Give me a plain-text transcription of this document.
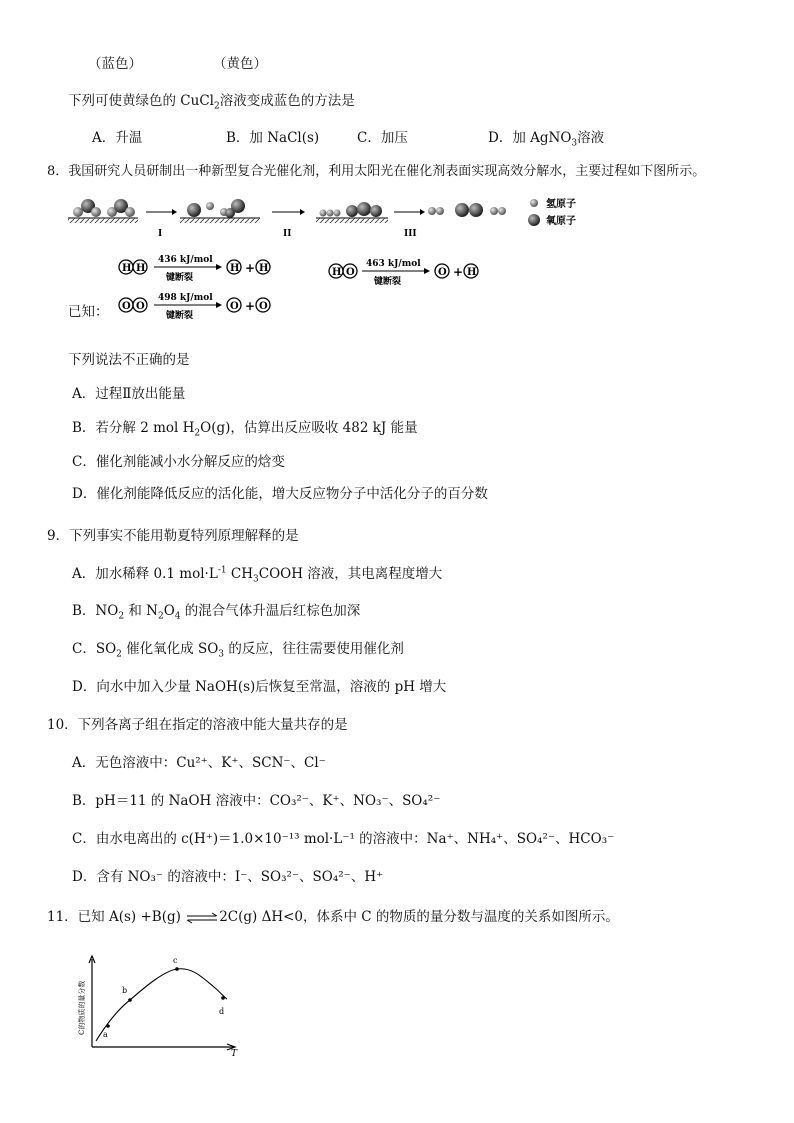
（蓝色）	（黄色）
下列可使黄绿色的 CuCl$_2$溶液变成蓝色的方法是
A．升温	B．加 NaCl(s)	C．加压	D．加 AgNO$_3$溶液
8．我国研究人员研制出一种新型复合光催化剂，利用太阳光在催化剂表面实现高效分解水，主要过程如下图所示。
氢原子
氧原子
I	II	III
H H
436 kJ/mol
键断裂
H + H	H O
463 kJ/mol
键断裂
O + H
O O
498 kJ/mol
键断裂
O + O
已知：
下列说法不正确的是
A．过程Ⅱ放出能量
B．若分解 2 mol $H_2O(g)$，估算出反应吸收 482 kJ 能量
C．催化剂能减小水分解反应的焓变
D．催化剂能降低反应的活化能，增大反应物分子中活化分子的百分数
9．下列事实不能用勒夏特列原理解释的是
A．加水稀释 0.1 $mol\cdot L^{-1}$ $CH_3COOH$ 溶液，其电离程度增大
B．$NO_2$ 和 $N_2O_4$ 的混合气体升温后红棕色加深
C．$SO_2$ 催化氧化成 $SO_3$ 的反应，往往需要使用催化剂
D．向水中加入少量 NaOH(s)后恢复至常温，溶液的 pH 增大
10．下列各离子组在指定的溶液中能大量共存的是
A．无色溶液中：Cu²⁺、K⁺、SCN⁻、Cl⁻
B．pH＝11 的 NaOH 溶液中：CO₃²⁻、K⁺、NO₃⁻、SO₄²⁻
C．由水电离出的 c(H⁺)＝1.0×10⁻¹³ mol·L⁻¹ 的溶液中：Na⁺、NH₄⁺、SO₄²⁻、HCO₃⁻
D．含有 NO₃⁻ 的溶液中：I⁻、SO₃²⁻、SO₄²⁻、H⁺
11．已知 A(s) +B(g) ⇌2C(g) ΔH<0，体系中 C 的物质的量分数与温度的关系如图所示。
C的物质的量分数
T
a
b
c
d
